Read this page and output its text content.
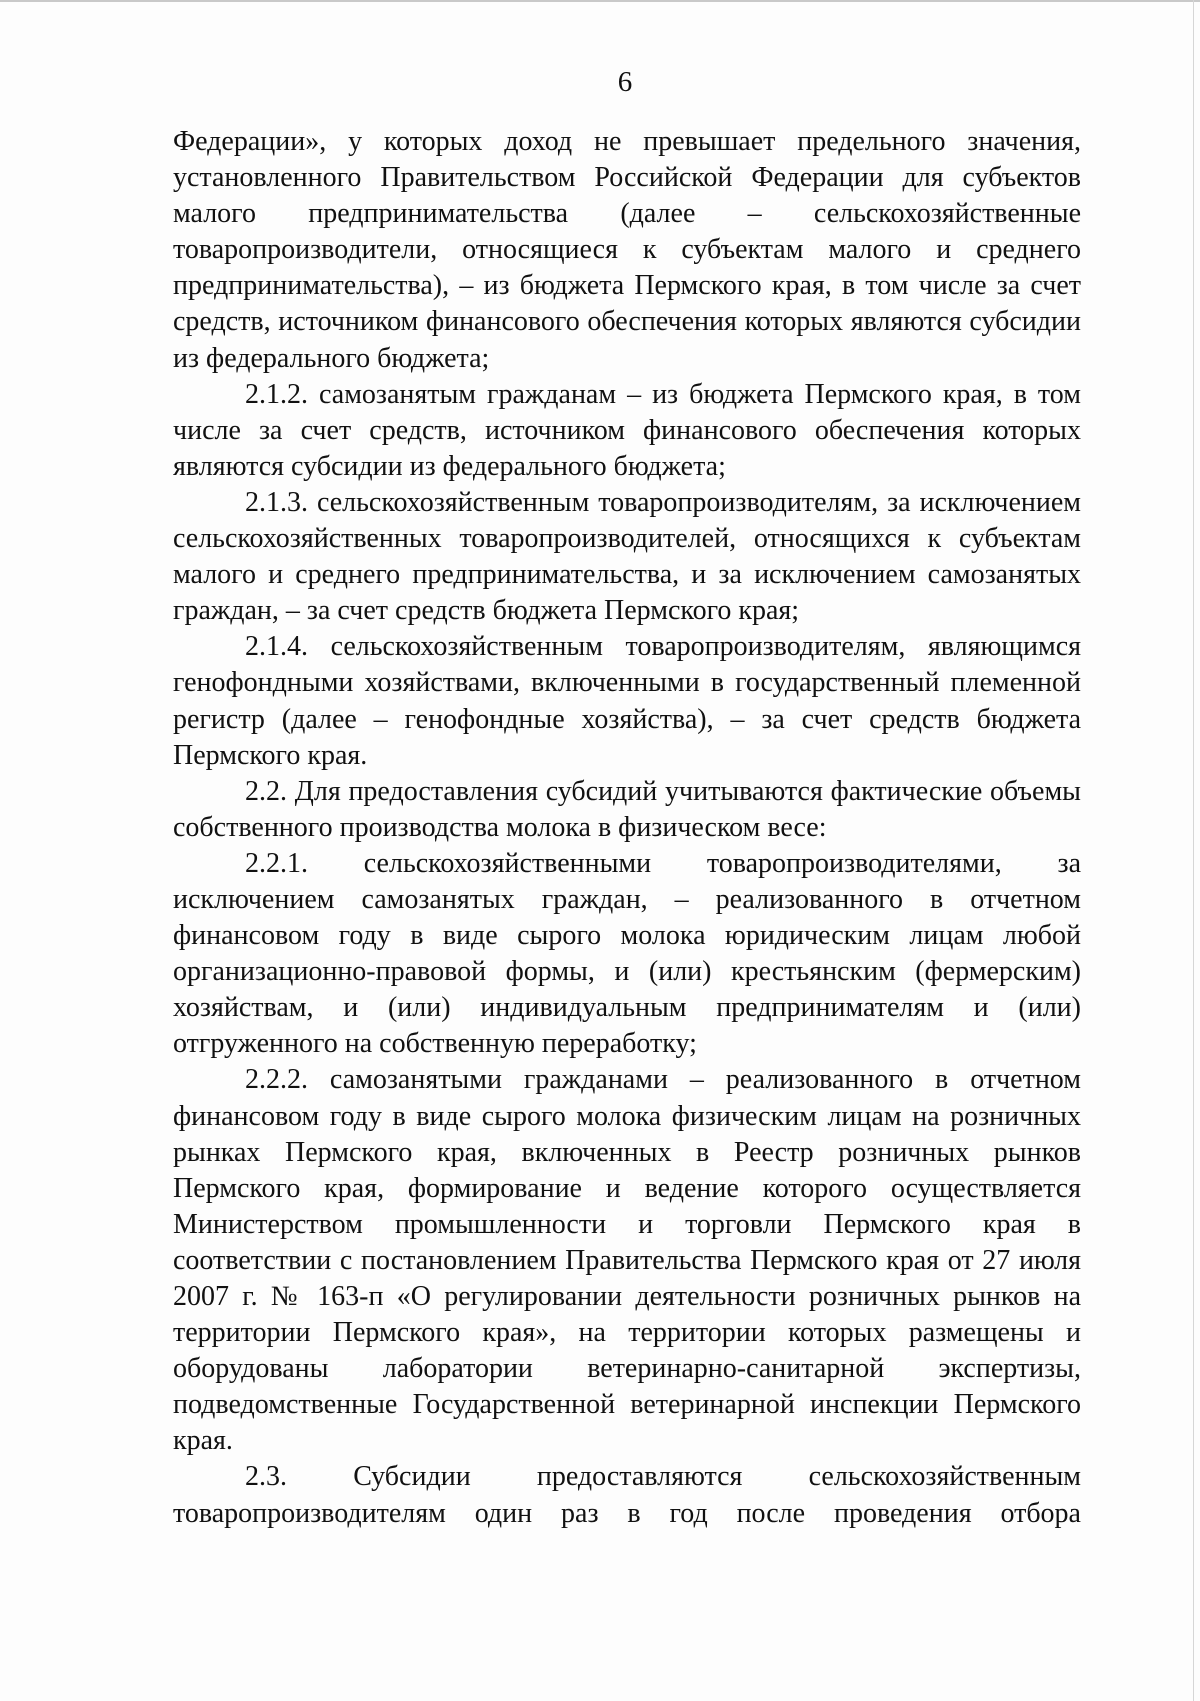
6

Федерации», у которых доход не превышает предельного значения, установленного Правительством Российской Федерации для субъектов малого предпринимательства (далее – сельскохозяйственные товаропроизводители, относящиеся к субъектам малого и среднего предпринимательства), – из бюджета Пермского края, в том числе за счет средств, источником финансового обеспечения которых являются субсидии из федерального бюджета;

2.1.2. самозанятым гражданам – из бюджета Пермского края, в том числе за счет средств, источником финансового обеспечения которых являются субсидии из федерального бюджета;

2.1.3. сельскохозяйственным товаропроизводителям, за исключением сельскохозяйственных товаропроизводителей, относящихся к субъектам малого и среднего предпринимательства, и за исключением самозанятых граждан, – за счет средств бюджета Пермского края;

2.1.4. сельскохозяйственным товаропроизводителям, являющимся генофондными хозяйствами, включенными в государственный племенной регистр (далее – генофондные хозяйства), – за счет средств бюджета Пермского края.

2.2. Для предоставления субсидий учитываются фактические объемы собственного производства молока в физическом весе:

2.2.1. сельскохозяйственными товаропроизводителями, за исключением самозанятых граждан, – реализованного в отчетном финансовом году в виде сырого молока юридическим лицам любой организационно-правовой формы, и (или) крестьянским (фермерским) хозяйствам, и (или) индивидуальным предпринимателям и (или) отгруженного на собственную переработку;

2.2.2. самозанятыми гражданами – реализованного в отчетном финансовом году в виде сырого молока физическим лицам на розничных рынках Пермского края, включенных в Реестр розничных рынков Пермского края, формирование и ведение которого осуществляется Министерством промышленности и торговли Пермского края в соответствии с постановлением Правительства Пермского края от 27 июля 2007 г. № 163-п «О регулировании деятельности розничных рынков на территории Пермского края», на территории которых размещены и оборудованы лаборатории ветеринарно-санитарной экспертизы, подведомственные Государственной ветеринарной инспекции Пермского края.

2.3. Субсидии предоставляются сельскохозяйственным товаропроизводителям один раз в год после проведения отбора
